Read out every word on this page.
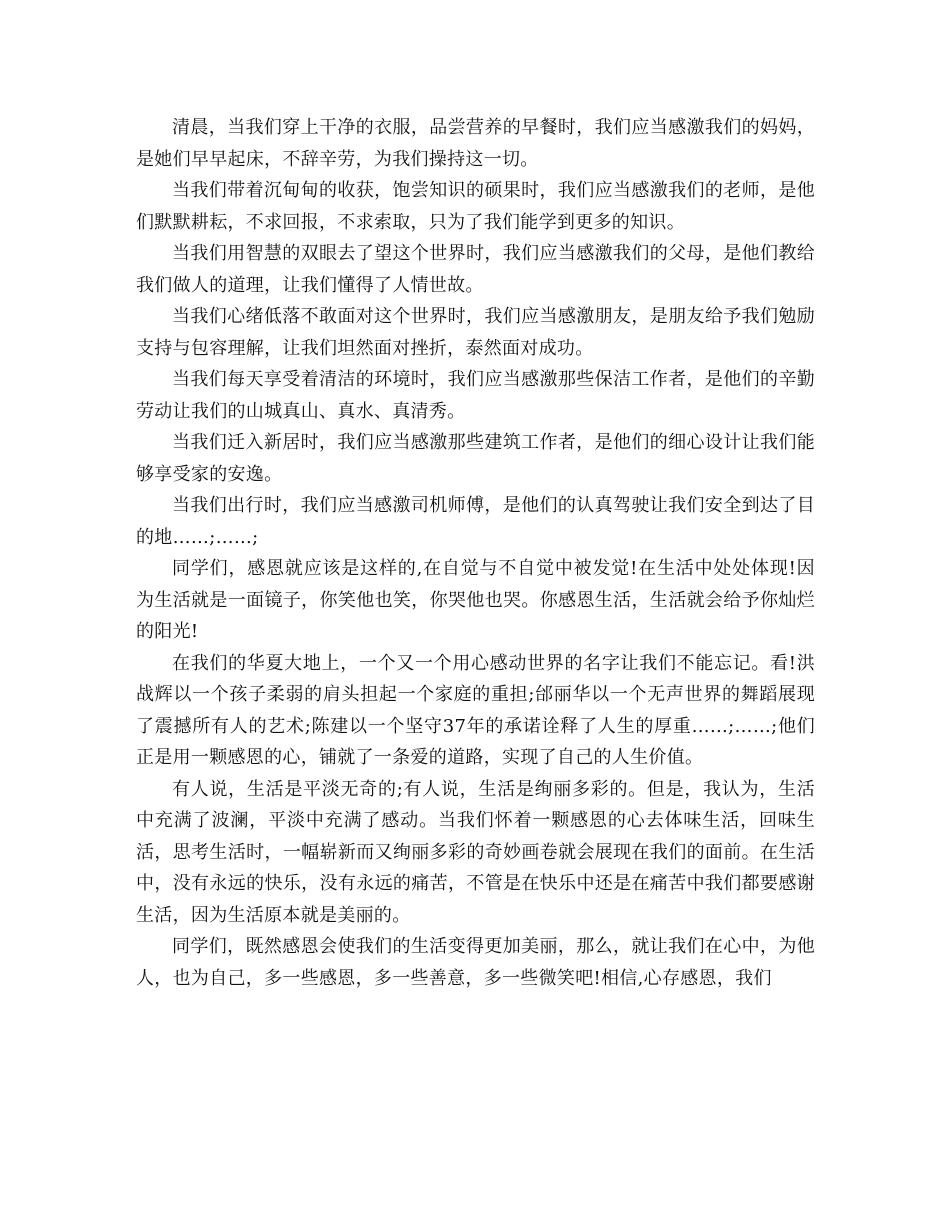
清晨，当我们穿上干净的衣服，品尝营养的早餐时，我们应当感激我们的妈妈，是她们早早起床，不辞辛劳，为我们操持这一切。

当我们带着沉甸甸的收获，饱尝知识的硕果时，我们应当感激我们的老师，是他们默默耕耘，不求回报，不求索取，只为了我们能学到更多的知识。

当我们用智慧的双眼去了望这个世界时，我们应当感激我们的父母，是他们教给我们做人的道理，让我们懂得了人情世故。

当我们心绪低落不敢面对这个世界时，我们应当感激朋友，是朋友给予我们勉励支持与包容理解，让我们坦然面对挫折，泰然面对成功。

当我们每天享受着清洁的环境时，我们应当感激那些保洁工作者，是他们的辛勤劳动让我们的山城真山、真水、真清秀。

当我们迁入新居时，我们应当感激那些建筑工作者，是他们的细心设计让我们能够享受家的安逸。

当我们出行时，我们应当感激司机师傅，是他们的认真驾驶让我们安全到达了目的地……;……;

同学们，感恩就应该是这样的,在自觉与不自觉中被发觉!在生活中处处体现!因为生活就是一面镜子，你笑他也笑，你哭他也哭。你感恩生活，生活就会给予你灿烂的阳光!

在我们的华夏大地上，一个又一个用心感动世界的名字让我们不能忘记。看!洪战辉以一个孩子柔弱的肩头担起一个家庭的重担;邰丽华以一个无声世界的舞蹈展现了震撼所有人的艺术;陈建以一个坚守37年的承诺诠释了人生的厚重……;……;他们正是用一颗感恩的心，铺就了一条爱的道路，实现了自己的人生价值。

有人说，生活是平淡无奇的;有人说，生活是绚丽多彩的。但是，我认为，生活中充满了波澜，平淡中充满了感动。当我们怀着一颗感恩的心去体味生活，回味生活，思考生活时，一幅崭新而又绚丽多彩的奇妙画卷就会展现在我们的面前。在生活中，没有永远的快乐，没有永远的痛苦，不管是在快乐中还是在痛苦中我们都要感谢生活，因为生活原本就是美丽的。

同学们，既然感恩会使我们的生活变得更加美丽，那么，就让我们在心中，为他人，也为自己，多一些感恩，多一些善意，多一些微笑吧!相信,心存感恩，我们
